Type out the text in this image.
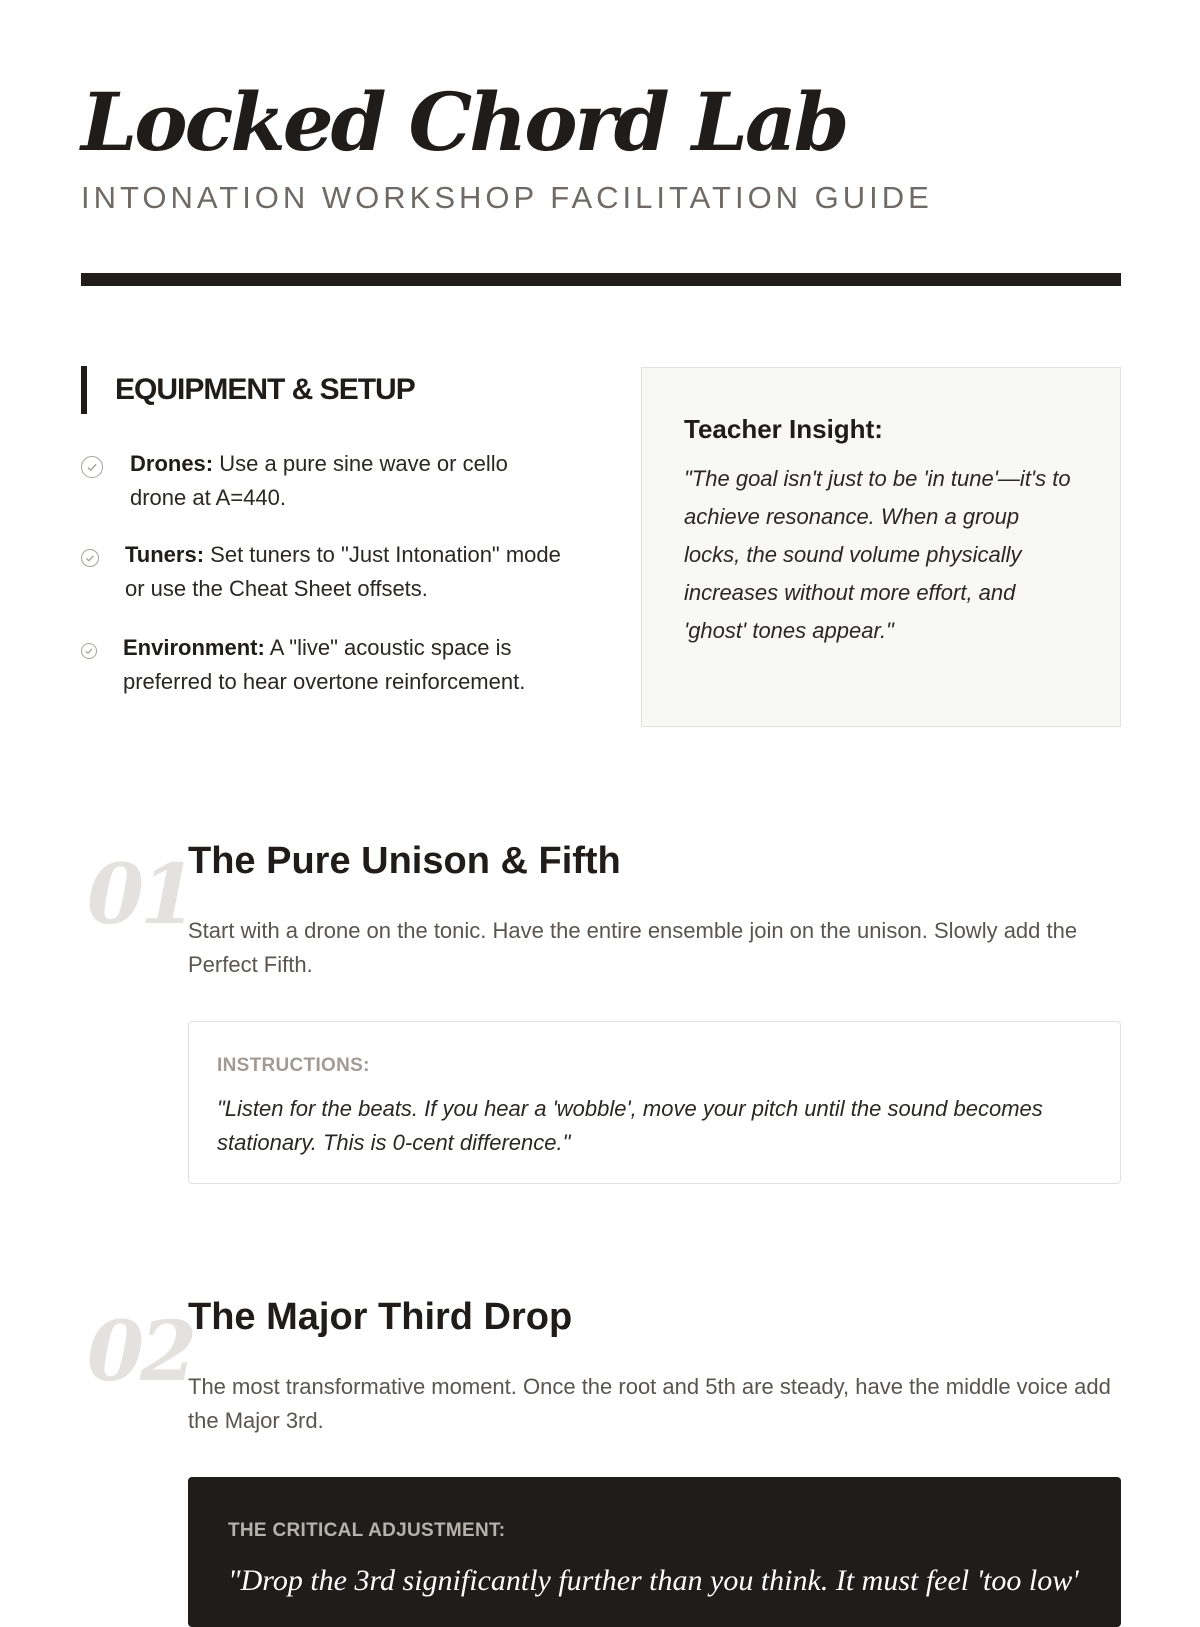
Locked Chord Lab
INTONATION WORKSHOP FACILITATION GUIDE
EQUIPMENT & SETUP
Drones: Use a pure sine wave or cello drone at A=440.
Tuners: Set tuners to "Just Intonation" mode or use the Cheat Sheet offsets.
Environment: A "live" acoustic space is preferred to hear overtone reinforcement.
Teacher Insight:
"The goal isn't just to be 'in tune'—it's to achieve resonance. When a group locks, the sound volume physically increases without more effort, and 'ghost' tones appear."
01
The Pure Unison & Fifth
Start with a drone on the tonic. Have the entire ensemble join on the unison. Slowly add the Perfect Fifth.
INSTRUCTIONS:
"Listen for the beats. If you hear a 'wobble', move your pitch until the sound becomes stationary. This is 0-cent difference."
02
The Major Third Drop
The most transformative moment. Once the root and 5th are steady, have the middle voice add the Major 3rd.
THE CRITICAL ADJUSTMENT:
"Drop the 3rd significantly further than you think. It must feel 'too low'
